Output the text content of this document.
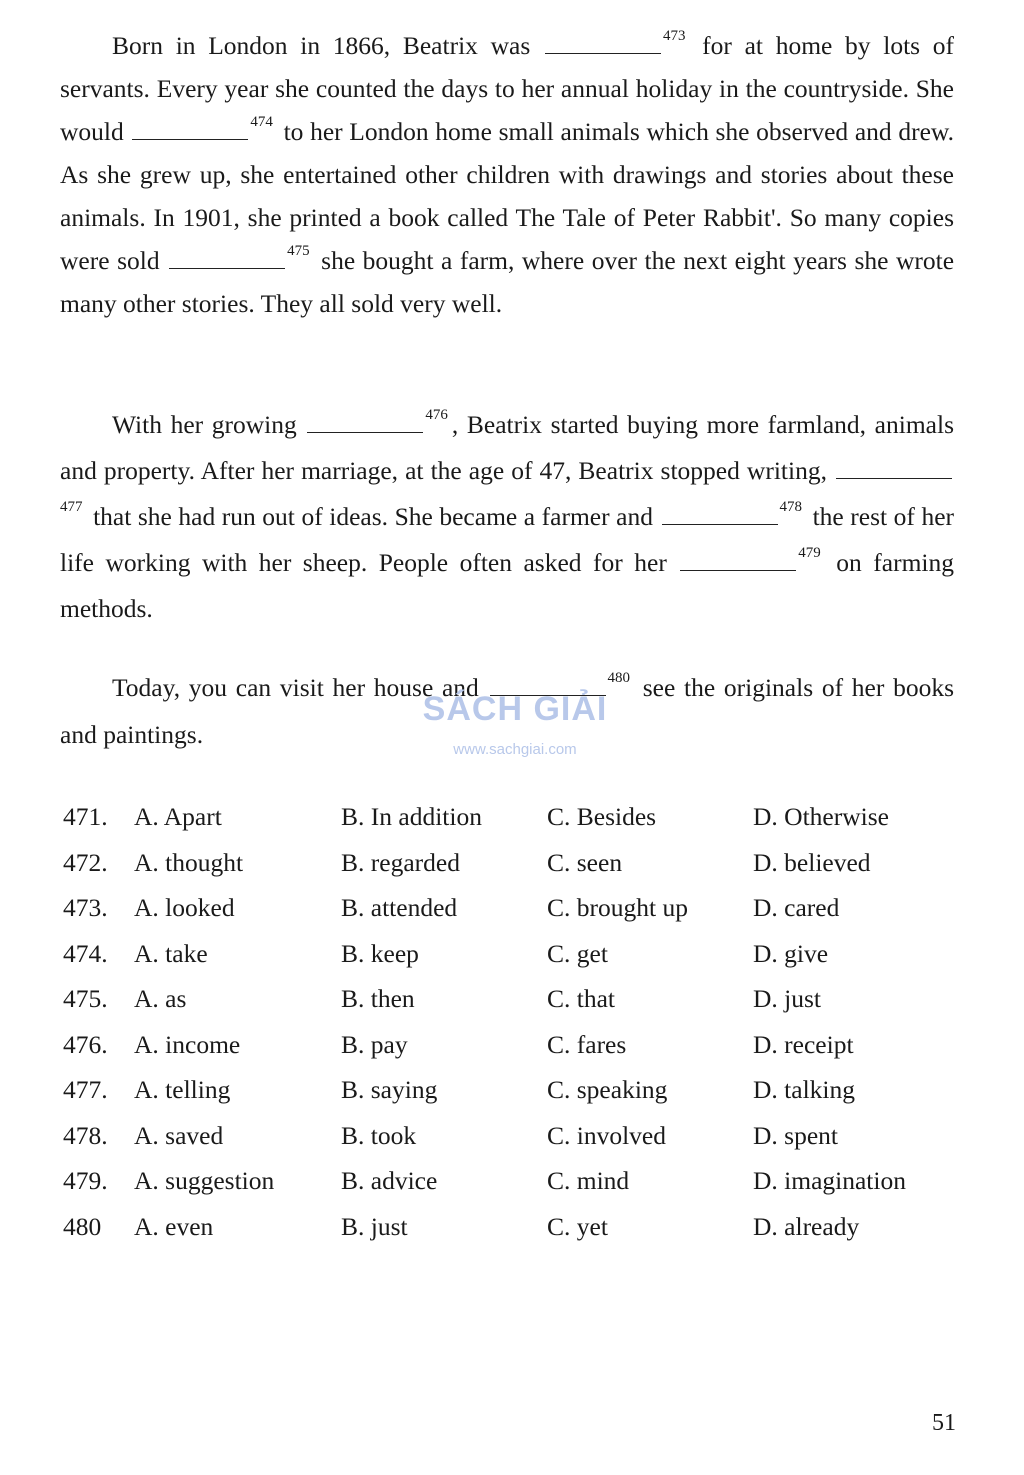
Born in London in 1866, Beatrix was	$^{473}$ for at home by lots of servants. Every year she counted the days to her annual holiday in the countryside. She would	$^{474}$ to her London home small animals which she observed and drew. As she grew up, she entertained other children with drawings and stories about these animals. In 1901, she printed a book called The Tale of Peter Rabbit'. So many copies were sold	$^{475}$ she bought a farm, where over the next eight years she wrote many other stories. They all sold very well.

With her growing	$^{476}$ , Beatrix started buying more farmland, animals and property. After her marriage, at the age of 47, Beatrix stopped writing, $^{477}$ that she had run out of ideas. She became a farmer and	$^{478}$ the rest of her life working with her sheep. People often asked for her	$^{479}$ on farming methods.

Today, you can visit her house and	$^{480}$ see the originals of her books and paintings.

SÁCH GIẢI
www.sachgiai.com
471. A. Apart	B. In addition	C. Besides	D. Otherwise
472. A. thought	B. regarded	C. seen	D. believed
473. A. looked	B. attended	C. brought up	D. cared
474. A. take	B. keep	C. get	D. give
475. A. as	B. then	C. that	D. just
476. A. income	B. pay	C. fares	D. receipt
477. A. telling	B. saying	C. speaking	D. talking
478. A. saved	B. took	C. involved	D. spent
479. A. suggestion	B. advice	C. mind	D. imagination
480 A. even	B. just	C. yet	D. already
51
